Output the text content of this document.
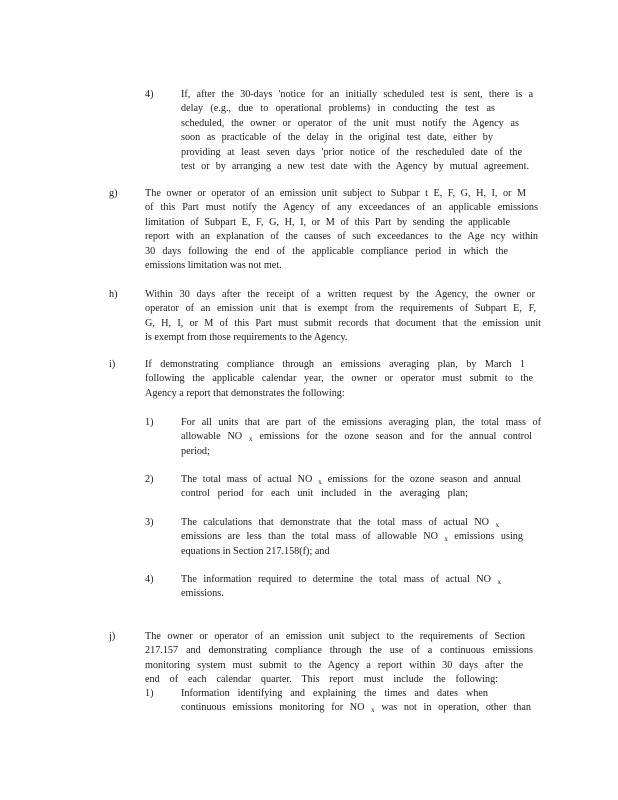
4)	If, after the 30-days 'notice for an initially scheduled test is sent, there is a
delay (e.g., due to operational problems) in conducting the test as
scheduled, the owner or operator of the unit must notify the Agency as
soon as practicable of the delay in the original test date, either by
providing at least seven days 'prior notice of the rescheduled date of the
test or by arranging a new test date with the Agency by mutual agreement.
g)	The owner or operator of an emission unit subject to Subpar t E, F, G, H, I, or M
of this Part must notify the Agency of any exceedances of an applicable emissions
limitation of Subpart E, F, G, H, I, or M of this Part by sending the applicable
report with an explanation of the causes of such exceedances to the Age ncy within
30 days following the end of the applicable compliance period in which the
emissions limitation was not met.
h)	Within 30 days after the receipt of a written request by the Agency, the owner or
operator of an emission unit that is exempt from the requirements of Subpart E, F,
G, H, I, or M of this Part must submit records that document that the emission unit
is exempt from those requirements to the Agency.
i)	If demonstrating compliance through an emissions averaging plan, by March 1
following the applicable calendar year, the owner or operator must submit to the
Agency a report that demonstrates the following:
1)	For all units that are part of the emissions averaging plan, the total mass of
allowable NO $_x$ emissions for the ozone season and for the annual control
period;
2)	The total mass of actual NO $_x$ emissions for the ozone season and annual
control period for each unit included in the averaging plan;
3)	The calculations that demonstrate that the total mass of actual NO $_x$
emissions are less than the total mass of allowable NO $_x$ emissions using
equations in Section 217.158(f); and
4)	The information required to determine the total mass of actual NO $_x$
emissions.
j)	The owner or operator of an emission unit subject to the requirements of Section
217.157 and demonstrating compliance through the use of a continuous emissions
monitoring system must submit to the Agency a report within 30 days after the
end of each calendar quarter. This report must include the following:
1)	Information identifying and explaining the times and dates when
continuous emissions monitoring for NO $_x$ was not in operation, other than
